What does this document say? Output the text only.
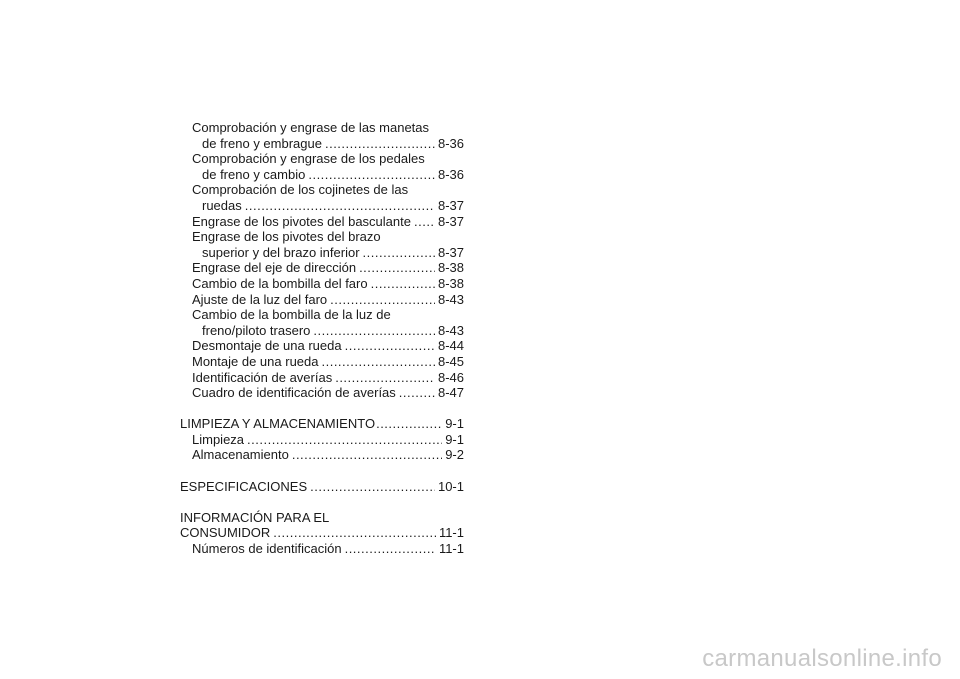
Comprobación y engrase de las manetas
de freno y embrague .....	8-36
Comprobación y engrase de los pedales
de freno y cambio .....	8-36
Comprobación de los cojinetes de las
ruedas .....	8-37
Engrase de los pivotes del basculante ..... 8-37
Engrase de los pivotes del brazo
superior y del brazo inferior .....	8-37
Engrase del eje de dirección .....	8-38
Cambio de la bombilla del faro .....	8-38
Ajuste de la luz del faro .....	8-43
Cambio de la bombilla de la luz de
freno/piloto trasero .....	8-43
Desmontaje de una rueda .....	8-44
Montaje de una rueda .....	8-45
Identificación de averías .....	8-46
Cuadro de identificación de averías .....	8-47
LIMPIEZA Y ALMACENAMIENTO .....	9-1
Limpieza .....	9-1
Almacenamiento .....	9-2
ESPECIFICACIONES .....	10-1
INFORMACIÓN PARA EL
CONSUMIDOR .....	11-1
Números de identificación .....	11-1
carmanualsonline.info
